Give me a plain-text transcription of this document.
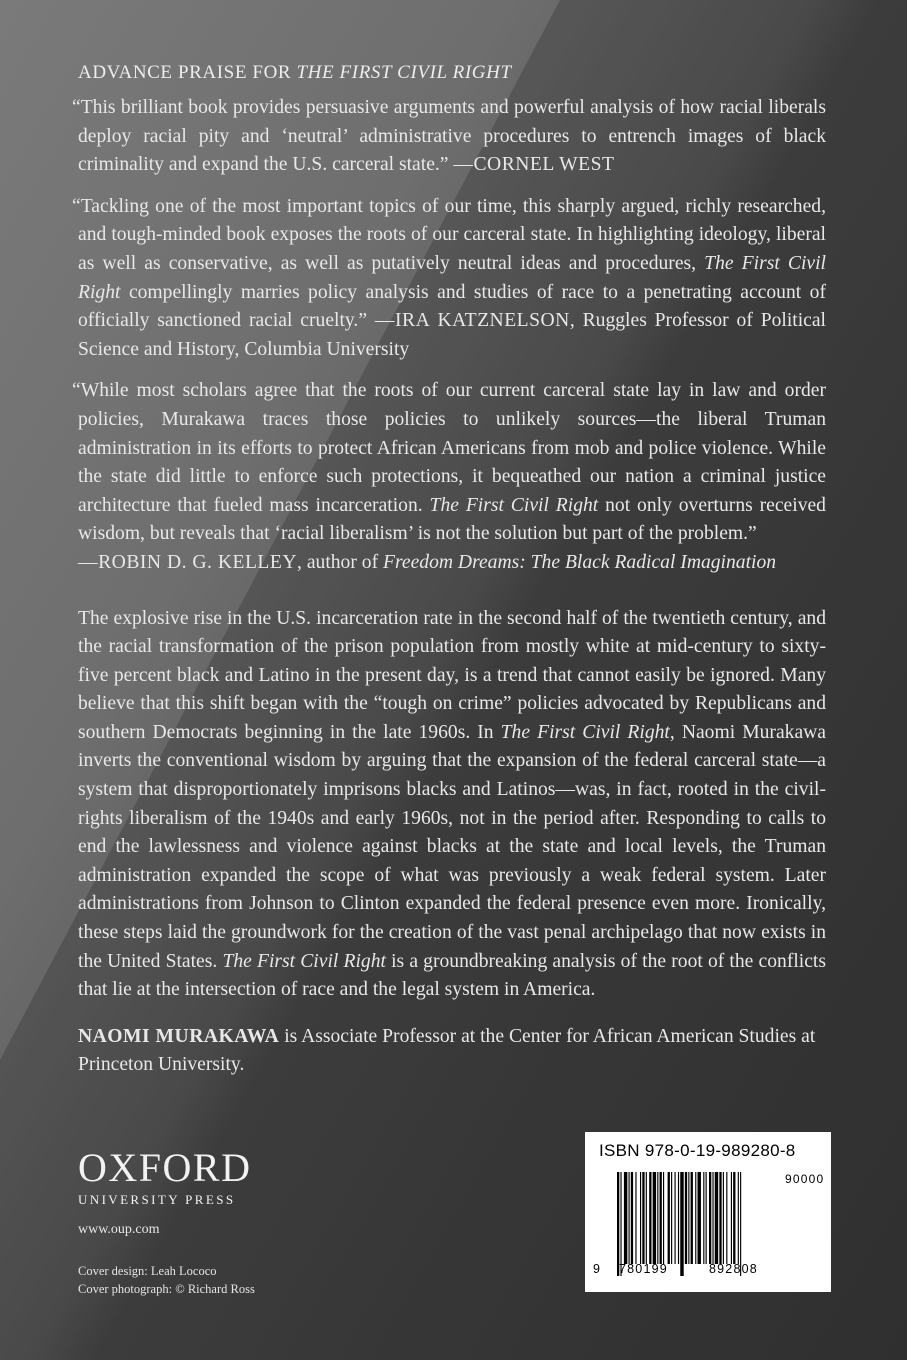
ADVANCE PRAISE FOR THE FIRST CIVIL RIGHT
“This brilliant book provides persuasive arguments and powerful analysis of how racial liberals deploy racial pity and ‘neutral’ administrative procedures to entrench images of black criminality and expand the U.S. carceral state.” —CORNEL WEST
“Tackling one of the most important topics of our time, this sharply argued, richly researched, and tough-minded book exposes the roots of our carceral state. In highlighting ideology, liberal as well as conservative, as well as putatively neutral ideas and procedures, The First Civil Right compellingly marries policy analysis and studies of race to a penetrating account of officially sanctioned racial cruelty.” —IRA KATZNELSON, Ruggles Professor of Political Science and History, Columbia University
“While most scholars agree that the roots of our current carceral state lay in law and order policies, Murakawa traces those policies to unlikely sources—the liberal Truman administration in its efforts to protect African Americans from mob and police violence. While the state did little to enforce such protections, it bequeathed our nation a criminal justice architecture that fueled mass incarceration. The First Civil Right not only overturns received wisdom, but reveals that ‘racial liberalism’ is not the solution but part of the problem.”
—ROBIN D. G. KELLEY, author of Freedom Dreams: The Black Radical Imagination
The explosive rise in the U.S. incarceration rate in the second half of the twentieth century, and the racial transformation of the prison population from mostly white at mid-century to sixty-five percent black and Latino in the present day, is a trend that cannot easily be ignored. Many believe that this shift began with the “tough on crime” policies advocated by Republicans and southern Democrats beginning in the late 1960s. In The First Civil Right, Naomi Murakawa inverts the conventional wisdom by arguing that the expansion of the federal carceral state—a system that disproportionately imprisons blacks and Latinos—was, in fact, rooted in the civil-rights liberalism of the 1940s and early 1960s, not in the period after. Responding to calls to end the lawlessness and violence against blacks at the state and local levels, the Truman administration expanded the scope of what was previously a weak federal system. Later administrations from Johnson to Clinton expanded the federal presence even more. Ironically, these steps laid the groundwork for the creation of the vast penal archipelago that now exists in the United States. The First Civil Right is a groundbreaking analysis of the root of the conflicts that lie at the intersection of race and the legal system in America.
NAOMI MURAKAWA is Associate Professor at the Center for African American Studies at Princeton University.
OXFORD
UNIVERSITY PRESS
www.oup.com
Cover design: Leah Lococo
Cover photograph: © Richard Ross
ISBN 978-0-19-989280-8
9 780199	892808
90000
